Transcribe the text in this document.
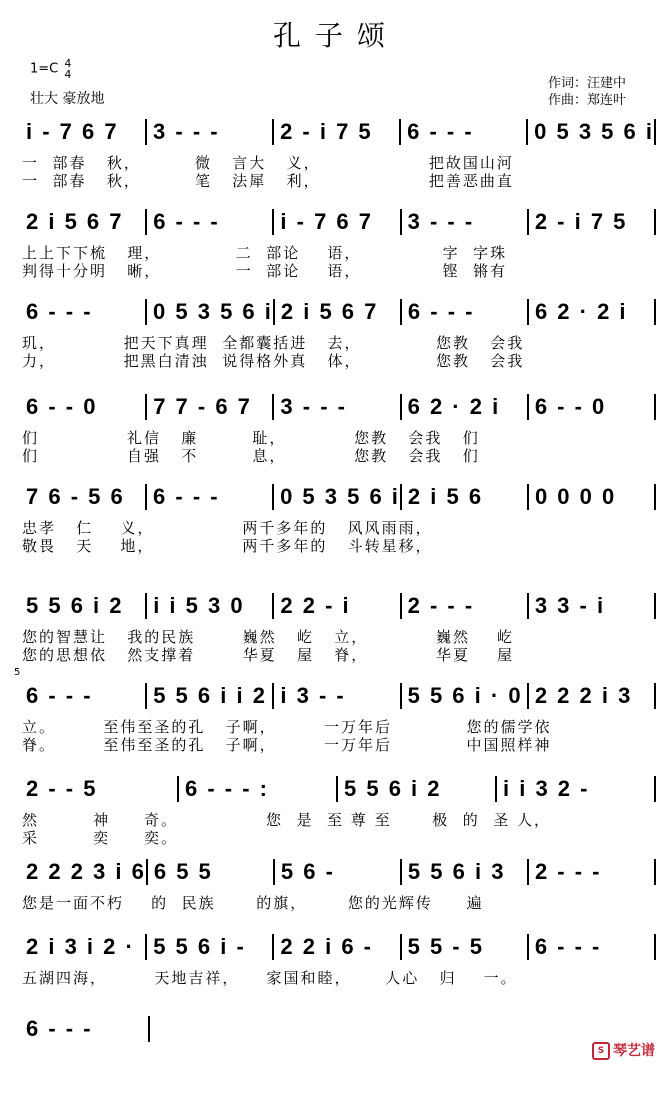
孔子颂
1=C 4
4
壮大 豪放地
作词：汪建中
作曲：郑连叶
i - 7 6 7	3 - - -	2 - i 7 5	6 - - -	0 5 3 5 6 i
一  部春   秋，        微   言大   义，                把故国山河
一  部春   秋，        笔   法犀   利，                把善恶曲直
2 i 5 6 7	6 - - -	i - 7 6 7	3 - - -	2 - i 7 5
上上下下梳   理，           二  部论    语，            字  字珠
判得十分明   晰，           一  部论    语，            铿  锵有
6 - - -	0 5 3 5 6 i 2 i 5 6 7	6 - - -	6 2 · 2 i
玑，          把天下真理  全都囊括进   去，           您教   会我
力，          把黑白清浊  说得格外真   体，           您教   会我
6 - - 0	7 7 - 6 7	3 - - -	6 2 · 2 i	6 - - 0
们             礼信   廉        耻，          您教   会我   们
们             自强   不        息，          您教   会我   们
7 6 - 5 6	6 - - -	0 5 3 5 6 i 2 i 5 6	0 0 0 0
忠孝   仁    义，             两千多年的   风风雨雨，
敬畏   天    地，             两千多年的   斗转星移，
5 5 6 i 2	i i 5 3 0	2 2 - i	2 - - -	3 3 - i
您的智慧让   我的民族       巍然   屹   立，          巍然    屹
您的思想依   然支撑着       华夏   屋   脊，          华夏    屋
6 - - -	5 5 6 i i 2 i 3 - -	5 5 6 i · 0 2 2 2 i 3
立。       至伟至圣的孔   子啊，       一万年后           您的儒学依
脊。       至伟至圣的孔   子啊，       一万年后           中国照样神
2 - - 5	6 - - - :	5 5 6 i 2	i i 3 2 -
然        神     奇。             您  是  至 尊 至      极  的  圣 人，
采        奕     奕。
2 2 2 3 i 6 6 5 5	5 6 -	5 5 6 i 3	2 - - -
您是一面不朽    的  民族      的旗，      您的光辉传     遍
2 i 3 i 2 · 5 5 6 i -	2 2 i 6 -	5 5 - 5	6 - - -
五湖四海，       天地吉祥，    家国和睦，     人心   归    一。
6 - - -
5
S 琴艺谱
